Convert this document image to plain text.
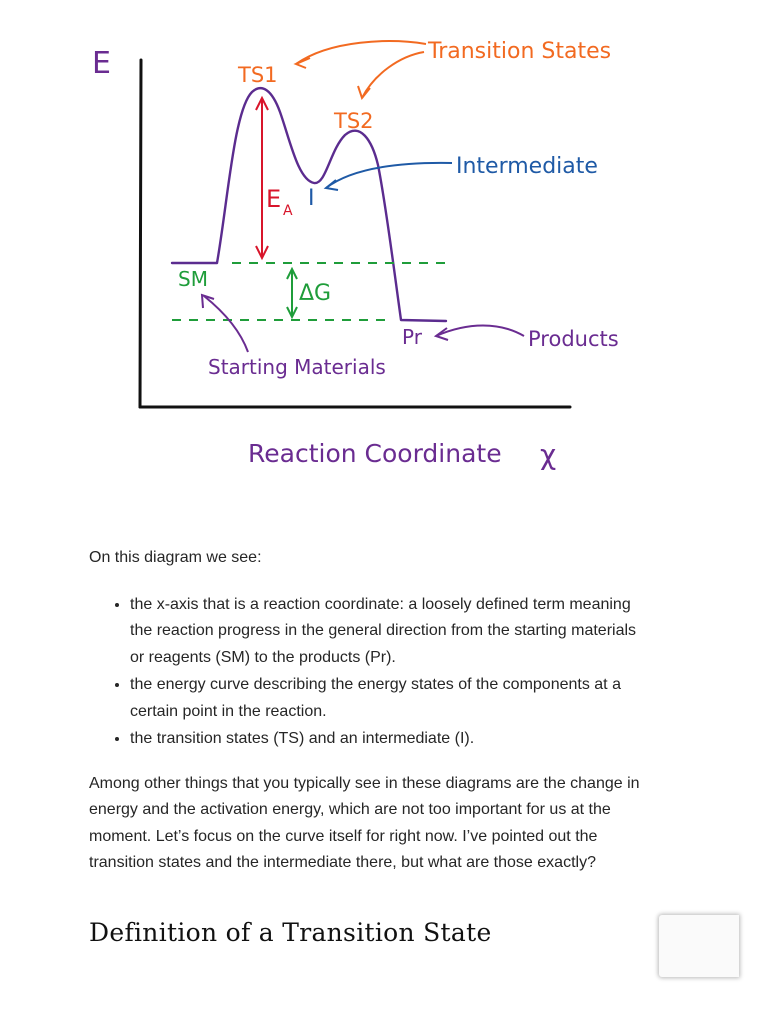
E
E A
ΔG
TS1
TS2
Transition States
I
Intermediate
SM
Starting Materials
Pr	Products
Reaction Coordinate χ

On this diagram we see:

• the x-axis that is a reaction coordinate: a loosely defined term meaning the reaction progress in the general direction from the starting materials or reagents (SM) to the products (Pr).
• the energy curve describing the energy states of the components at a certain point in the reaction.
• the transition states (TS) and an intermediate (I).

Among other things that you typically see in these diagrams are the change in energy and the activation energy, which are not too important for us at the moment. Let’s focus on the curve itself for right now. I’ve pointed out the transition states and the intermediate there, but what are those exactly?

Definition of a Transition State
